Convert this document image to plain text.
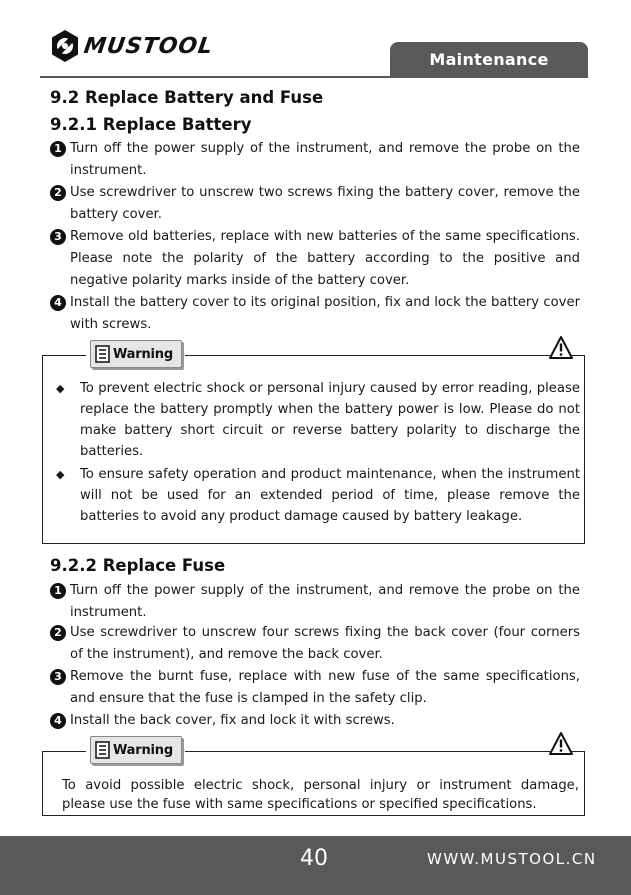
MUSTOOL
Maintenance
9.2 Replace Battery and Fuse
9.2.1 Replace Battery
1 Turn off the power supply of the instrument, and remove the probe on the instrument.
2 Use screwdriver to unscrew two screws fixing the battery cover, remove the battery cover.
3 Remove old batteries, replace with new batteries of the same specifications. Please note the polarity of the battery according to the positive and negative polarity marks inside of the battery cover.
4 Install the battery cover to its original position, fix and lock the battery cover with screws.
Warning
◆	To prevent electric shock or personal injury caused by error reading, please replace the battery promptly when the battery power is low. Please do not make battery short circuit or reverse battery polarity to discharge the batteries.
◆	To ensure safety operation and product maintenance, when the instrument will not be used for an extended period of time, please remove the batteries to avoid any product damage caused by battery leakage.
9.2.2 Replace Fuse
1 Turn off the power supply of the instrument, and remove the probe on the instrument.
2 Use screwdriver to unscrew four screws fixing the back cover (four corners of the instrument), and remove the back cover.
3 Remove the burnt fuse, replace with new fuse of the same specifications, and ensure that the fuse is clamped in the safety clip.
4 Install the back cover, fix and lock it with screws.
Warning
To avoid possible electric shock, personal injury or instrument damage, please use the fuse with same specifications or specified specifications.
40	WWW.MUSTOOL.CN
